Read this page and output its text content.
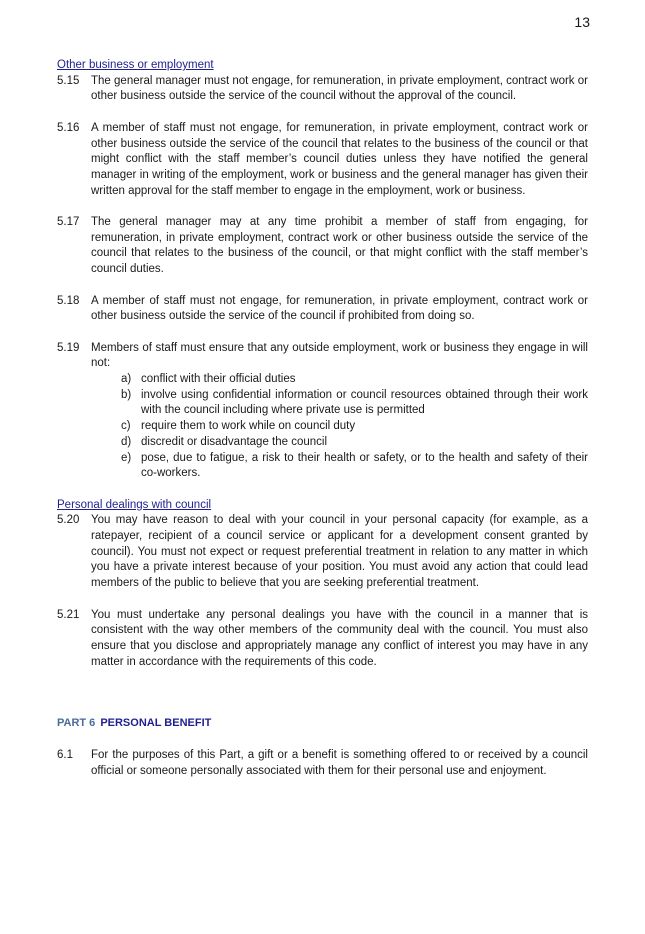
13
Other business or employment
5.15	The general manager must not engage, for remuneration, in private employment, contract work or other business outside the service of the council without the approval of the council.
5.16	A member of staff must not engage, for remuneration, in private employment, contract work or other business outside the service of the council that relates to the business of the council or that might conflict with the staff member’s council duties unless they have notified the general manager in writing of the employment, work or business and the general manager has given their written approval for the staff member to engage in the employment, work or business.
5.17	The general manager may at any time prohibit a member of staff from engaging, for remuneration, in private employment, contract work or other business outside the service of the council that relates to the business of the council, or that might conflict with the staff member’s council duties.
5.18	A member of staff must not engage, for remuneration, in private employment, contract work or other business outside the service of the council if prohibited from doing so.
5.19	Members of staff must ensure that any outside employment, work or business they engage in will not:
a) conflict with their official duties
b) involve using confidential information or council resources obtained through their work with the council including where private use is permitted
c) require them to work while on council duty
d) discredit or disadvantage the council
e) pose, due to fatigue, a risk to their health or safety, or to the health and safety of their co-workers.
Personal dealings with council
5.20	You may have reason to deal with your council in your personal capacity (for example, as a ratepayer, recipient of a council service or applicant for a development consent granted by council). You must not expect or request preferential treatment in relation to any matter in which you have a private interest because of your position. You must avoid any action that could lead members of the public to believe that you are seeking preferential treatment.
5.21	You must undertake any personal dealings you have with the council in a manner that is consistent with the way other members of the community deal with the council. You must also ensure that you disclose and appropriately manage any conflict of interest you may have in any matter in accordance with the requirements of this code.
PART 6 PERSONAL BENEFIT
6.1	For the purposes of this Part, a gift or a benefit is something offered to or received by a council official or someone personally associated with them for their personal use and enjoyment.
